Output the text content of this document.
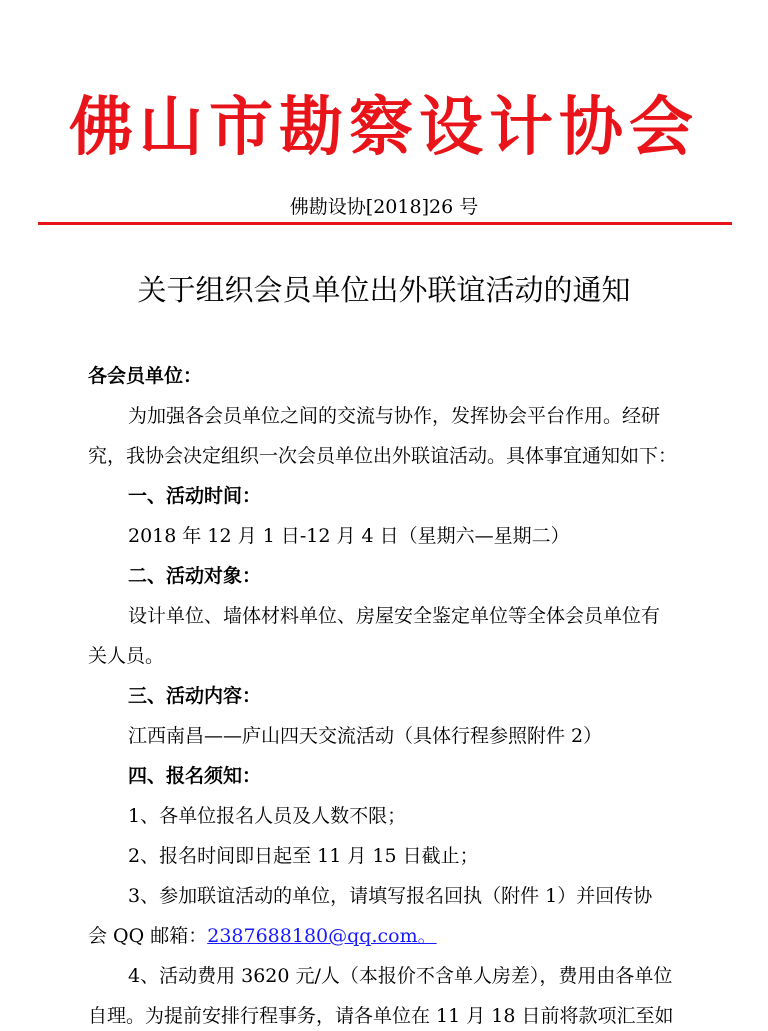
佛山市勘察设计协会
佛勘设协[2018]26 号
关于组织会员单位出外联谊活动的通知
各会员单位：
为加强各会员单位之间的交流与协作，发挥协会平台作用。经研
究，我协会决定组织一次会员单位出外联谊活动。具体事宜通知如下：
一、活动时间：
2018 年 12 月 1 日-12 月 4 日（星期六—星期二）
二、活动对象：
设计单位、墙体材料单位、房屋安全鉴定单位等全体会员单位有
关人员。
三、活动内容：
江西南昌——庐山四天交流活动（具体行程参照附件 2）
四、报名须知：
1、各单位报名人员及人数不限；
2、报名时间即日起至 11 月 15 日截止；
3、参加联谊活动的单位，请填写报名回执（附件 1）并回传协
会 QQ 邮箱：2387688180@qq.com。
4、活动费用 3620 元/人（本报价不含单人房差），费用由各单位
自理。为提前安排行程事务，请各单位在 11 月 18 日前将款项汇至如
